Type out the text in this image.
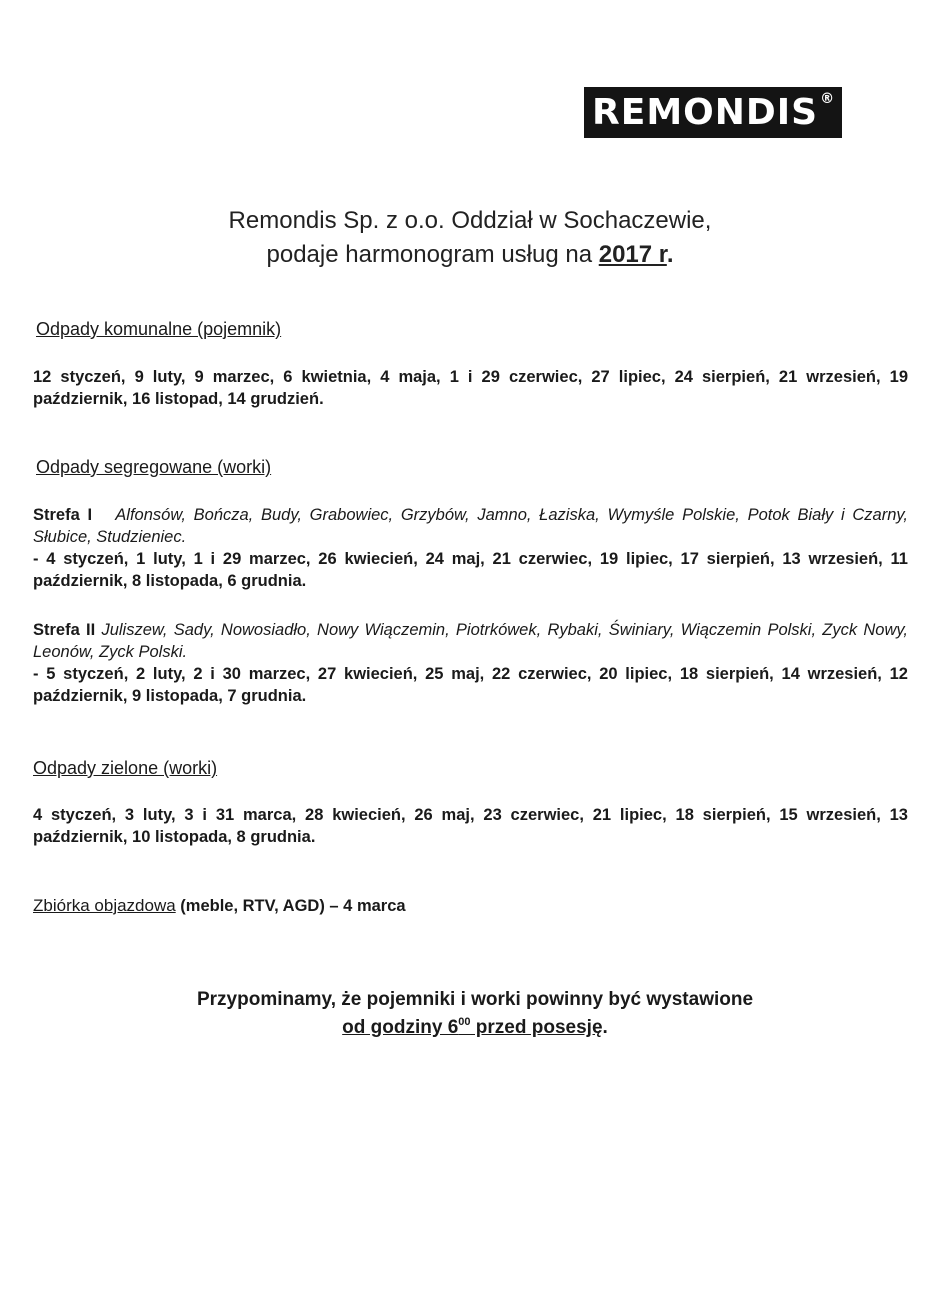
REMONDIS ®
Remondis Sp. z o.o. Oddział w Sochaczewie,
podaje harmonogram usług na 2017 r.
Odpady komunalne (pojemnik)
12 styczeń, 9 luty, 9 marzec, 6 kwietnia, 4 maja, 1 i 29 czerwiec, 27 lipiec, 24 sierpień, 21 wrzesień, 19 październik, 16 listopad, 14 grudzień.
Odpady segregowane (worki)
Strefa I Alfonsów, Bończa, Budy, Grabowiec, Grzybów, Jamno, Łaziska, Wymyśle Polskie, Potok Biały i Czarny, Słubice, Studzieniec.
- 4 styczeń, 1 luty, 1 i 29 marzec, 26 kwiecień, 24 maj, 21 czerwiec, 19 lipiec, 17 sierpień, 13 wrzesień, 11 październik, 8 listopada, 6 grudnia.
Strefa II Juliszew, Sady, Nowosiadło, Nowy Wiączemin, Piotrkówek, Rybaki, Świniary, Wiączemin Polski, Zyck Nowy, Leonów, Zyck Polski.
- 5 styczeń, 2 luty, 2 i 30 marzec, 27 kwiecień, 25 maj, 22 czerwiec, 20 lipiec, 18 sierpień, 14 wrzesień, 12 październik, 9 listopada, 7 grudnia.
Odpady zielone (worki)
4 styczeń, 3 luty, 3 i 31 marca, 28 kwiecień, 26 maj, 23 czerwiec, 21 lipiec, 18 sierpień, 15 wrzesień, 13 październik, 10 listopada, 8 grudnia.
Zbiórka objazdowa (meble, RTV, AGD) – 4 marca
Przypominamy, że pojemniki i worki powinny być wystawione
od godziny $6^{00}$ przed posesję.
